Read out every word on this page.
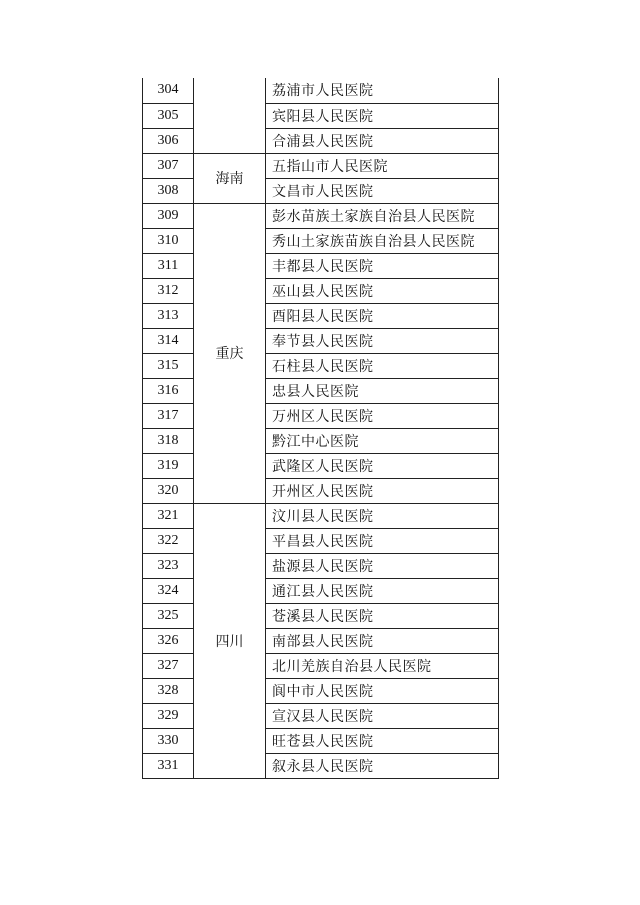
304		荔浦市人民医院
305		宾阳县人民医院
306		合浦县人民医院
307	海南	五指山市人民医院
308		文昌市人民医院
309	重庆	彭水苗族土家族自治县人民医院
310		秀山土家族苗族自治县人民医院
311		丰都县人民医院
312		巫山县人民医院
313		酉阳县人民医院
314		奉节县人民医院
315		石柱县人民医院
316		忠县人民医院
317		万州区人民医院
318		黔江中心医院
319		武隆区人民医院
320		开州区人民医院
321	四川	汶川县人民医院
322		平昌县人民医院
323		盐源县人民医院
324		通江县人民医院
325		苍溪县人民医院
326		南部县人民医院
327		北川羌族自治县人民医院
328		阆中市人民医院
329		宣汉县人民医院
330		旺苍县人民医院
331		叙永县人民医院
